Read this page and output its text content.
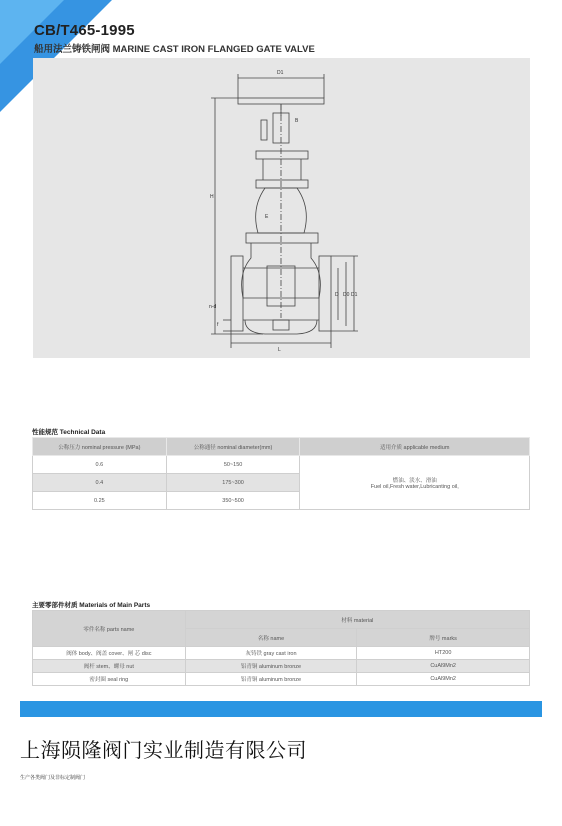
CB/T465-1995
船用法兰铸铁闸阀 MARINE CAST IRON FLANGED GATE VALVE
D1
B
H
E
L
D D0 D1
f
n-d
性能规范 Technical Data
公称压力 nominal pressure (MPa)	公称通径 nominal diameter(mm)	适用介质 applicable medium
0.6	50~150	燃油、淡水、滑油
Fuel oil,Fresh water,Lubricanting oil,

0.4	175~300	
0.25	350~500	
主要零部件材质 Materials of Main Parts
零件名称 parts name	材料 material	
	名称 name	牌号 marks
阀体 body、阀盖 cover、闸 芯 disc	灰铸铁 gray cast iron	HT200
阀杆 stem、螺母 nut	铝青铜 aluminum bronze	CuAl9Mn2
密封圈 seal ring	铝青铜 aluminum bronze	CuAl9Mn2
上海陨隆阀门实业制造有限公司
生产各类阀门及非标定制阀门
